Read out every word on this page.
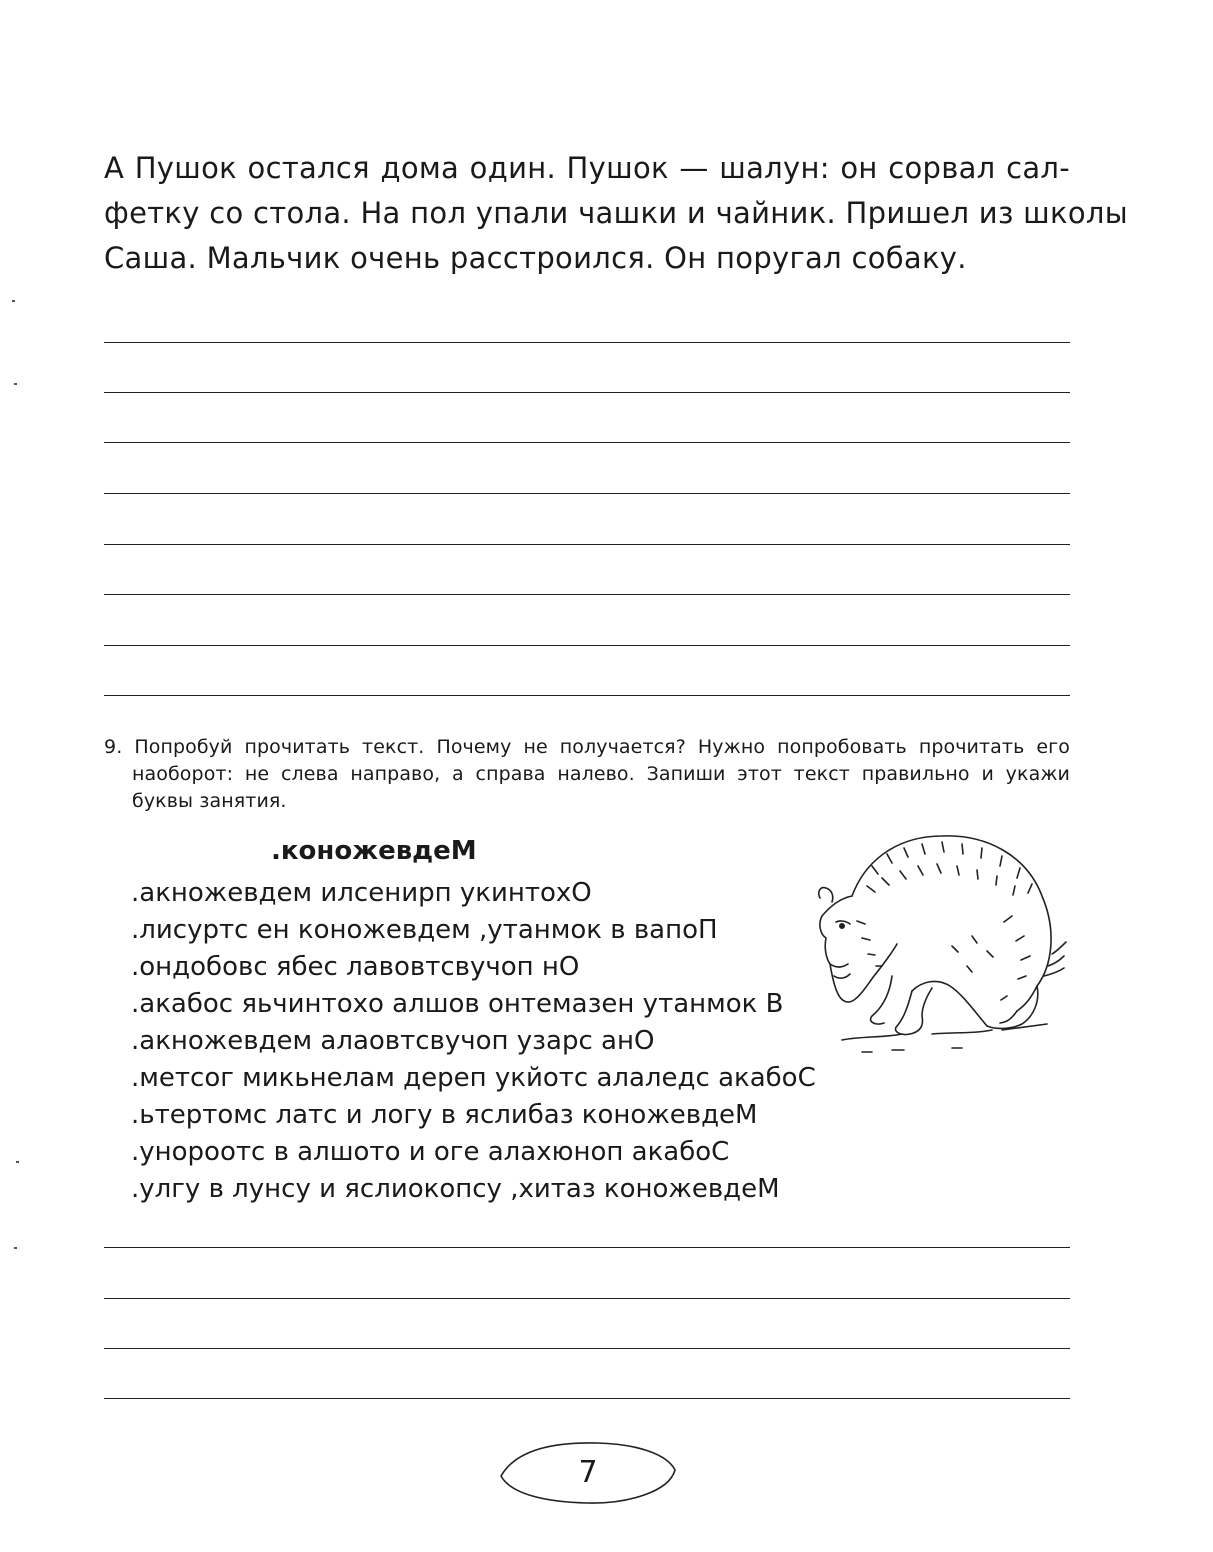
А Пушок остался дома один. Пушок — шалун: он сорвал сал-
фетку со стола. На пол упали чашки и чайник. Пришел из школы
Саша. Мальчик очень расстроился. Он поругал собаку.
9. Попробуй прочитать текст. Почему не получается? Нужно попробовать прочитать его
наоборот: не слева направо, а справа налево. Запиши этот текст правильно и укажи
буквы занятия.
.коножевдеМ
.акножевдем илсенирп укинтохО
.лисуртс ен коножевдем ,утанмок в вапоП
.ондобовс ябес лавовтсвучоп нО
.акабос яьчинтохо алшов онтемазен утанмок В
.акножевдем алаовтсвучоп узарс анО
.метсог микьнелам дереп укйотс алаледс акабоС
.ьтертомс латс и логу в яслибаз коножевдеМ
.унороотс в алшото и оге алахюноп акабоС
.улгу в лунсу и яслиокопсу ,хитаз коножевдеМ
7
